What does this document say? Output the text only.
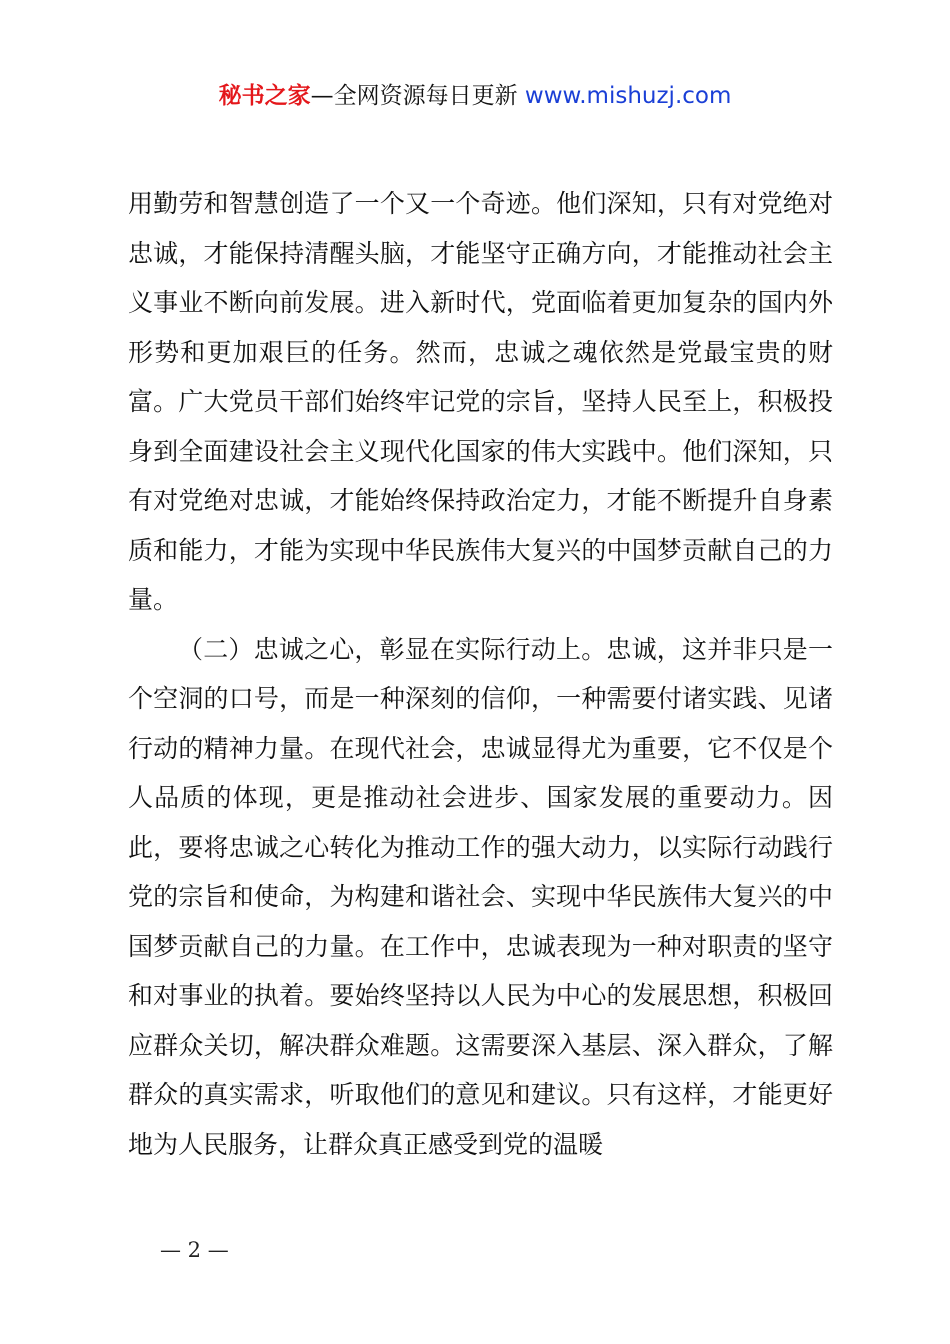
秘书之家—全网资源每日更新 www.mishuzj.com

用勤劳和智慧创造了一个又一个奇迹。他们深知，只有对党绝对忠诚，才能保持清醒头脑，才能坚守正确方向，才能推动社会主义事业不断向前发展。进入新时代，党面临着更加复杂的国内外形势和更加艰巨的任务。然而，忠诚之魂依然是党最宝贵的财富。广大党员干部们始终牢记党的宗旨，坚持人民至上，积极投身到全面建设社会主义现代化国家的伟大实践中。他们深知，只有对党绝对忠诚，才能始终保持政治定力，才能不断提升自身素质和能力，才能为实现中华民族伟大复兴的中国梦贡献自己的力量。

（二）忠诚之心，彰显在实际行动上。忠诚，这并非只是一个空洞的口号，而是一种深刻的信仰，一种需要付诸实践、见诸行动的精神力量。在现代社会，忠诚显得尤为重要，它不仅是个人品质的体现，更是推动社会进步、国家发展的重要动力。因此，要将忠诚之心转化为推动工作的强大动力，以实际行动践行党的宗旨和使命，为构建和谐社会、实现中华民族伟大复兴的中国梦贡献自己的力量。在工作中，忠诚表现为一种对职责的坚守和对事业的执着。要始终坚持以人民为中心的发展思想，积极回应群众关切，解决群众难题。这需要深入基层、深入群众，了解群众的真实需求，听取他们的意见和建议。只有这样，才能更好地为人民服务，让群众真正感受到党的温暖

— 2 —
